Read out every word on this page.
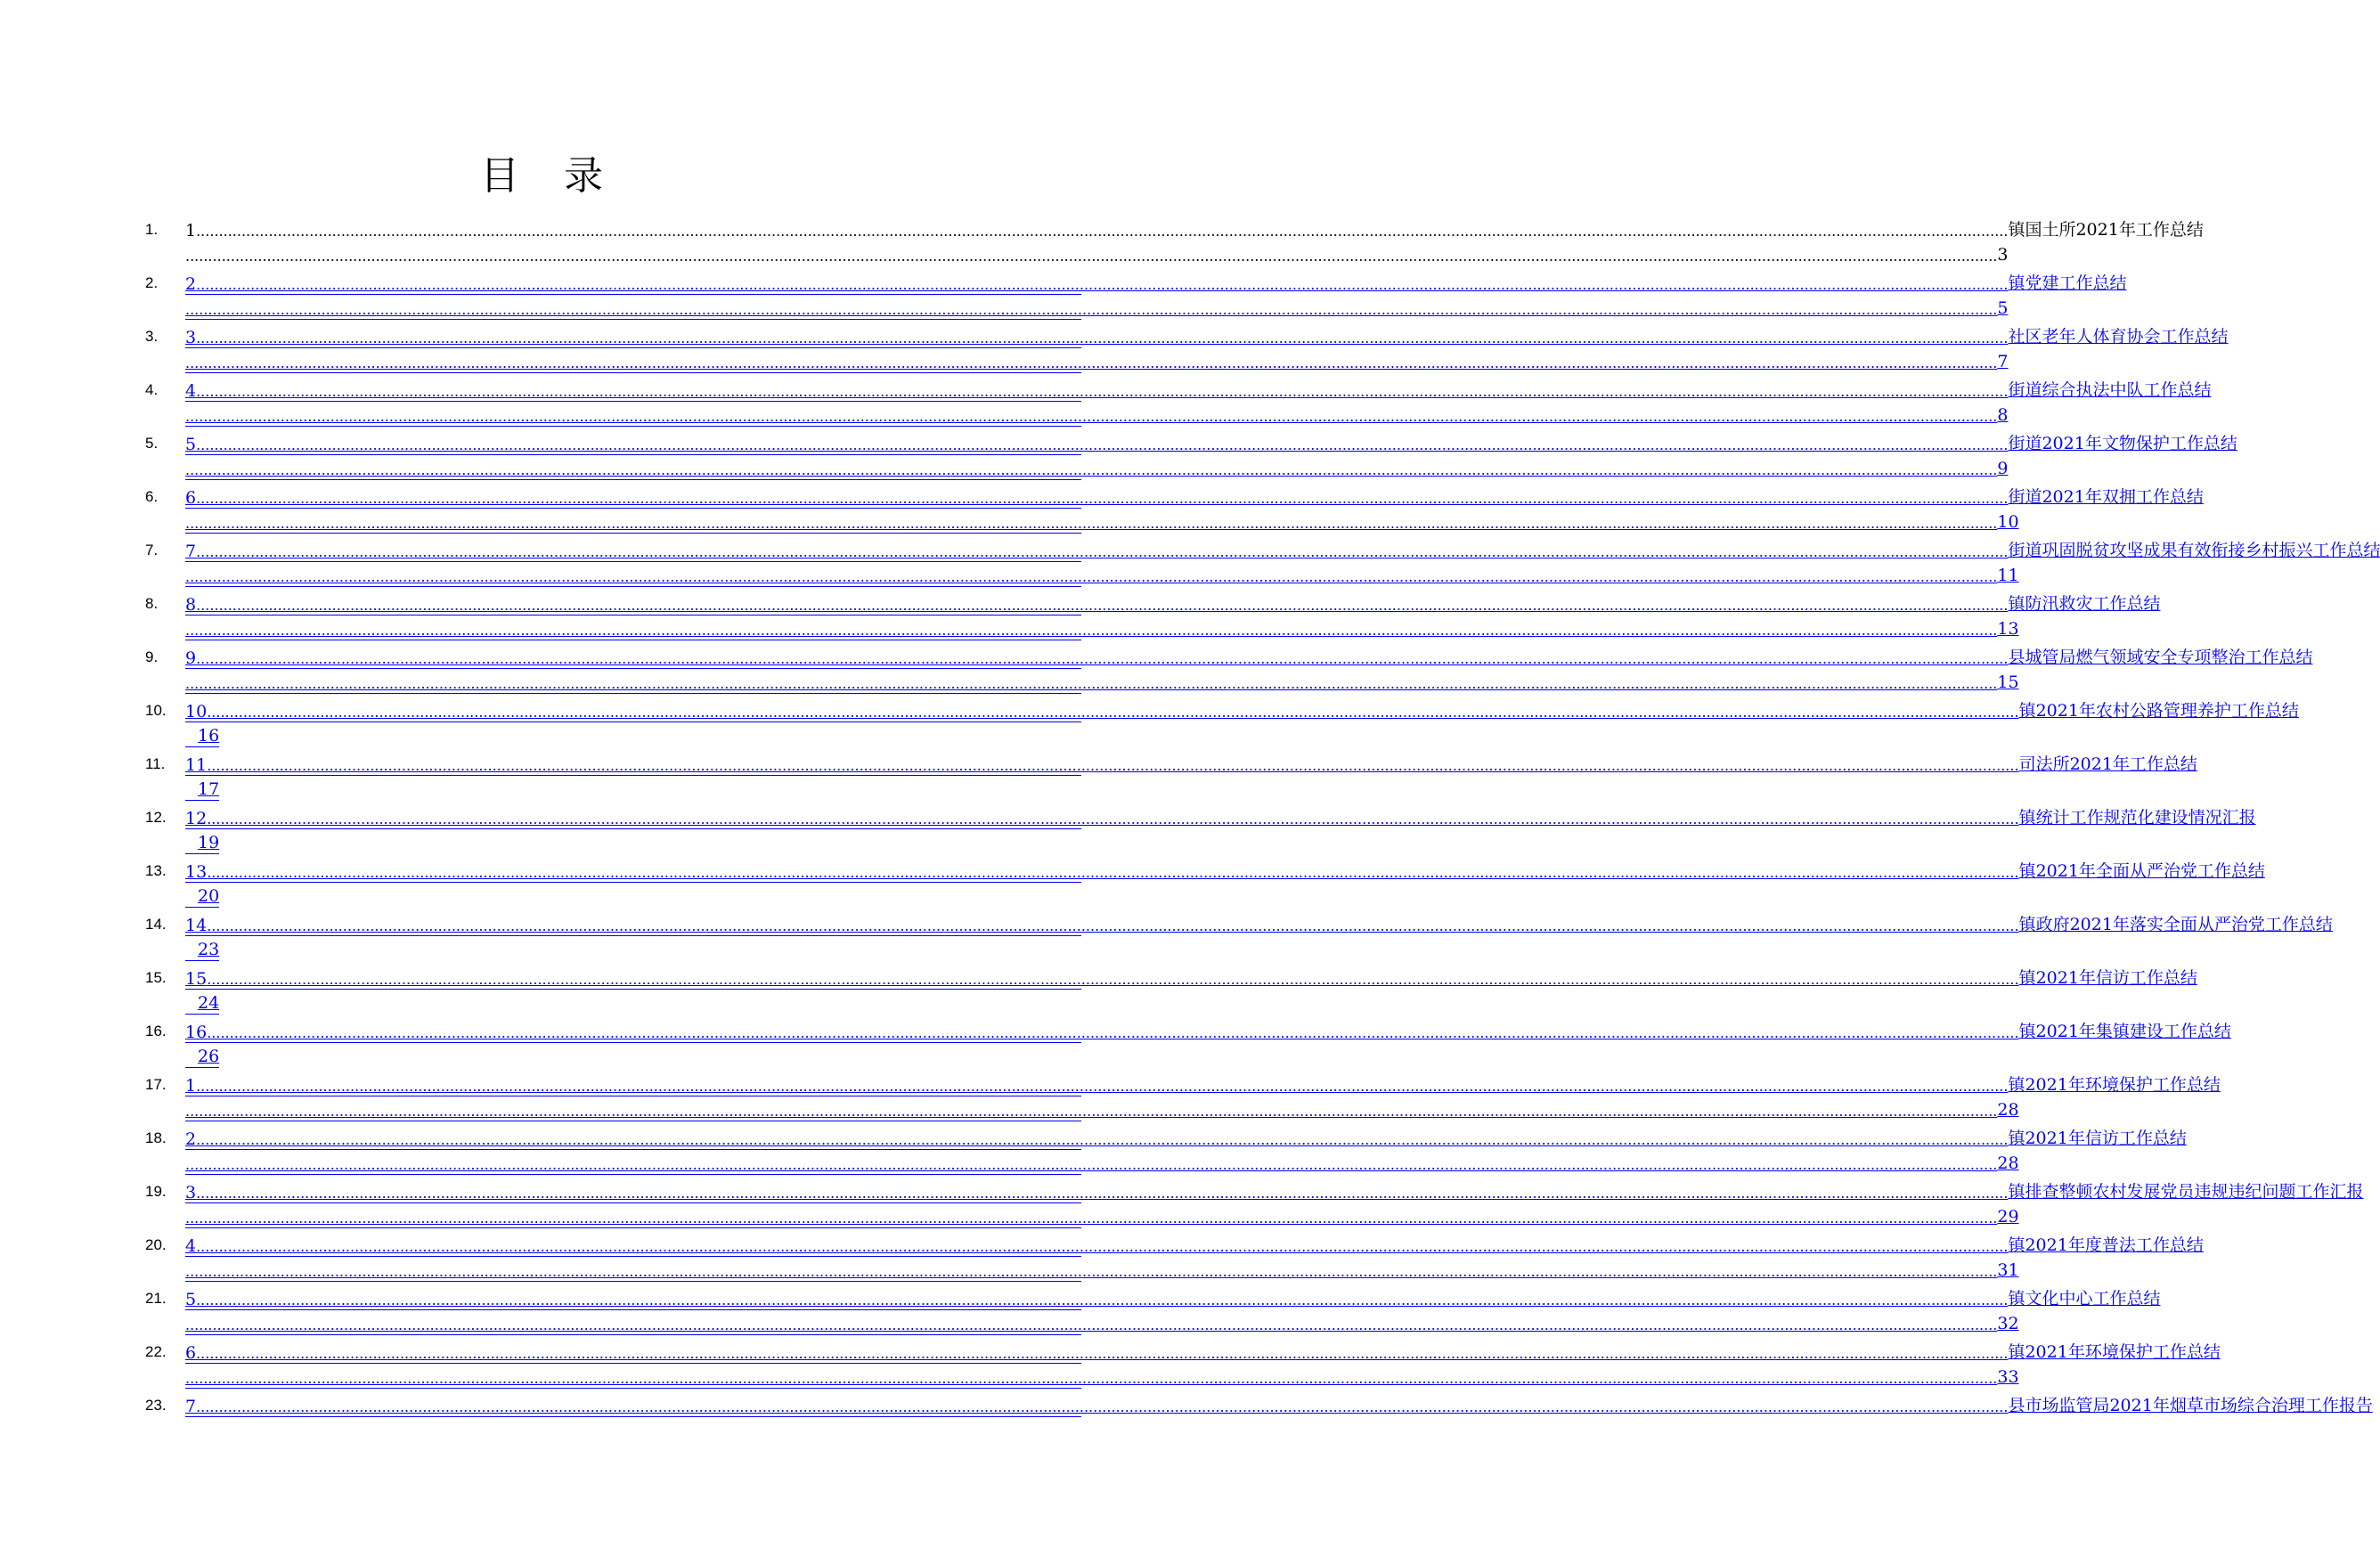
目 录
1. 1 ................................................................................................................................................................................................................................................................................................................................................................................................................ 镇国土所2021年工作总结
................................................................................................................................................................................................................................................................................................................................................................................................................ 3
2. 2 ................................................................................................................................................................................................................................................................................................................................................................................................................ 镇党建工作总结
................................................................................................................................................................................................................................................................................................................................................................................................................ 5
3. 3 ................................................................................................................................................................................................................................................................................................................................................................................................................ 社区老年人体育协会工作总结
................................................................................................................................................................................................................................................................................................................................................................................................................ 7
4. 4 ................................................................................................................................................................................................................................................................................................................................................................................................................ 街道综合执法中队工作总结
................................................................................................................................................................................................................................................................................................................................................................................................................ 8
5. 5 ................................................................................................................................................................................................................................................................................................................................................................................................................ 街道2021年文物保护工作总结
................................................................................................................................................................................................................................................................................................................................................................................................................ 9
6. 6 ................................................................................................................................................................................................................................................................................................................................................................................................................ 街道2021年双拥工作总结
................................................................................................................................................................................................................................................................................................................................................................................................................ 10
7. 7 ................................................................................................................................................................................................................................................................................................................................................................................................................ 街道巩固脱贫攻坚成果有效衔接乡村振兴工作总结
................................................................................................................................................................................................................................................................................................................................................................................................................ 11
8. 8 ................................................................................................................................................................................................................................................................................................................................................................................................................ 镇防汛救灾工作总结
................................................................................................................................................................................................................................................................................................................................................................................................................ 13
9. 9 ................................................................................................................................................................................................................................................................................................................................................................................................................ 县城管局燃气领域安全专项整治工作总结
................................................................................................................................................................................................................................................................................................................................................................................................................ 15
10. 10 ................................................................................................................................................................................................................................................................................................................................................................................................................ 镇2021年农村公路管理养护工作总结
16
11. 11 ................................................................................................................................................................................................................................................................................................................................................................................................................ 司法所2021年工作总结
17
12. 12 ................................................................................................................................................................................................................................................................................................................................................................................................................ 镇统计工作规范化建设情况汇报
19
13. 13 ................................................................................................................................................................................................................................................................................................................................................................................................................ 镇2021年全面从严治党工作总结
20
14. 14 ................................................................................................................................................................................................................................................................................................................................................................................................................ 镇政府2021年落实全面从严治党工作总结
23
15. 15 ................................................................................................................................................................................................................................................................................................................................................................................................................ 镇2021年信访工作总结
24
16. 16 ................................................................................................................................................................................................................................................................................................................................................................................................................ 镇2021年集镇建设工作总结
26
17. 1 ................................................................................................................................................................................................................................................................................................................................................................................................................ 镇2021年环境保护工作总结
................................................................................................................................................................................................................................................................................................................................................................................................................ 28
18. 2 ................................................................................................................................................................................................................................................................................................................................................................................................................ 镇2021年信访工作总结
................................................................................................................................................................................................................................................................................................................................................................................................................ 28
19. 3 ................................................................................................................................................................................................................................................................................................................................................................................................................ 镇排查整顿农村发展党员违规违纪问题工作汇报
................................................................................................................................................................................................................................................................................................................................................................................................................ 29
20. 4 ................................................................................................................................................................................................................................................................................................................................................................................................................ 镇2021年度普法工作总结
................................................................................................................................................................................................................................................................................................................................................................................................................ 31
21. 5 ................................................................................................................................................................................................................................................................................................................................................................................................................ 镇文化中心工作总结
................................................................................................................................................................................................................................................................................................................................................................................................................ 32
22. 6 ................................................................................................................................................................................................................................................................................................................................................................................................................ 镇2021年环境保护工作总结
................................................................................................................................................................................................................................................................................................................................................................................................................ 33
23. 7 ................................................................................................................................................................................................................................................................................................................................................................................................................ 县市场监管局2021年烟草市场综合治理工作报告
